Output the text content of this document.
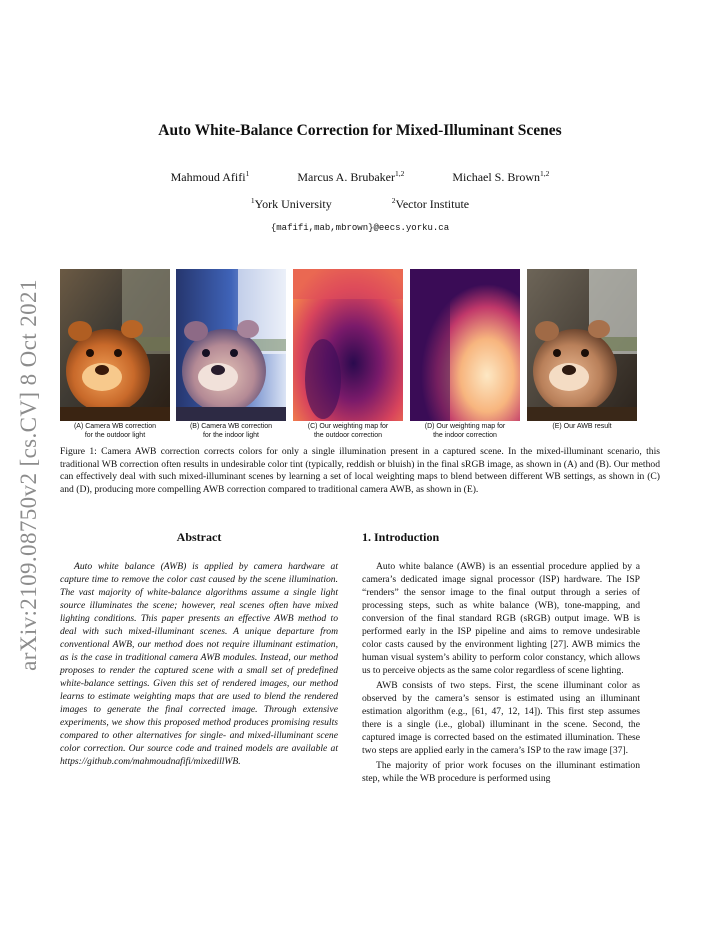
arXiv:2109.08750v2 [cs.CV] 8 Oct 2021
Auto White-Balance Correction for Mixed-Illuminant Scenes
Mahmoud Afifi$^1$	Marcus A. Brubaker$^{1,2}$	Michael S. Brown$^{1,2}$
$^1$York University	$^2$Vector Institute
{mafifi,mab,mbrown}@eecs.yorku.ca
(A) Camera WB correction
for the outdoor light
(B) Camera WB correction
for the indoor light
(C) Our weighting map for
the outdoor correction
(D) Our weighting map for
the indoor correction
(E) Our AWB result
Figure 1: Camera AWB correction corrects colors for only a single illumination present in a captured scene. In the mixed-illuminant scenario, this traditional WB correction often results in undesirable color tint (typically, reddish or bluish) in the final sRGB image, as shown in (A) and (B). Our method can effectively deal with such mixed-illuminant scenes by learning a set of local weighting maps to blend between different WB settings, as shown in (C) and (D), producing more compelling AWB correction compared to traditional camera AWB, as shown in (E).
Abstract

Auto white balance (AWB) is applied by camera hardware at capture time to remove the color cast caused by the scene illumination. The vast majority of white-balance algorithms assume a single light source illuminates the scene; however, real scenes often have mixed lighting conditions. This paper presents an effective AWB method to deal with such mixed-illuminant scenes. A unique departure from conventional AWB, our method does not require illuminant estimation, as is the case in traditional camera AWB modules. Instead, our method proposes to render the captured scene with a small set of predefined white-balance settings. Given this set of rendered images, our method learns to estimate weighting maps that are used to blend the rendered images to generate the final corrected image. Through extensive experiments, we show this proposed method produces promising results compared to other alternatives for single- and mixed-illuminant scene color correction. Our source code and trained models are available at https://github.com/mahmoudnafifi/mixedillWB.

1. Introduction

Auto white balance (AWB) is an essential procedure applied by a camera’s dedicated image signal processor (ISP) hardware. The ISP “renders” the sensor image to the final output through a series of processing steps, such as white balance (WB), tone-mapping, and conversion of the final standard RGB (sRGB) output image. WB is performed early in the ISP pipeline and aims to remove undesirable color casts caused by the environment lighting [27]. AWB mimics the human visual system’s ability to perform color constancy, which allows us to perceive objects as the same color regardless of scene lighting.

AWB consists of two steps. First, the scene illuminant color as observed by the camera’s sensor is estimated using an illuminant estimation algorithm (e.g., [61, 47, 12, 14]). This first step assumes there is a single (i.e., global) illuminant in the scene. Second, the captured image is corrected based on the estimated illumination. These two steps are applied early in the camera’s ISP to the raw image [37].

The majority of prior work focuses on the illuminant estimation step, while the WB procedure is performed using
